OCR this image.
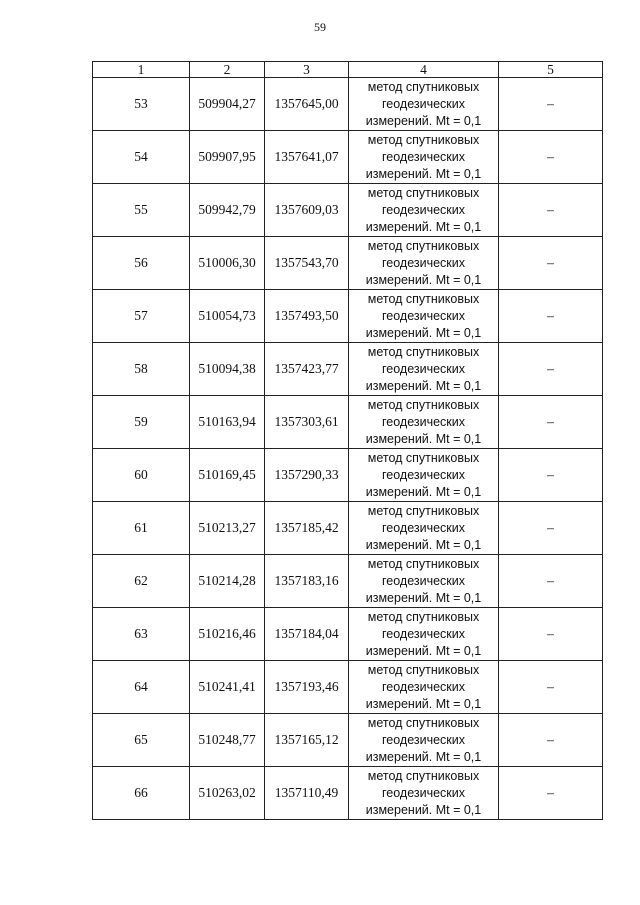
59
1	2	3	4	5
53	509904,27	1357645,00	метод спутниковых
геодезических
измерений. Mt = 0,1	–
54	509907,95	1357641,07	метод спутниковых
геодезических
измерений. Mt = 0,1	–
55	509942,79	1357609,03	метод спутниковых
геодезических
измерений. Mt = 0,1	–
56	510006,30	1357543,70	метод спутниковых
геодезических
измерений. Mt = 0,1	–
57	510054,73	1357493,50	метод спутниковых
геодезических
измерений. Mt = 0,1	–
58	510094,38	1357423,77	метод спутниковых
геодезических
измерений. Mt = 0,1	–
59	510163,94	1357303,61	метод спутниковых
геодезических
измерений. Mt = 0,1	–
60	510169,45	1357290,33	метод спутниковых
геодезических
измерений. Mt = 0,1	–
61	510213,27	1357185,42	метод спутниковых
геодезических
измерений. Mt = 0,1	–
62	510214,28	1357183,16	метод спутниковых
геодезических
измерений. Mt = 0,1	–
63	510216,46	1357184,04	метод спутниковых
геодезических
измерений. Mt = 0,1	–
64	510241,41	1357193,46	метод спутниковых
геодезических
измерений. Mt = 0,1	–
65	510248,77	1357165,12	метод спутниковых
геодезических
измерений. Mt = 0,1	–
66	510263,02	1357110,49	метод спутниковых
геодезических
измерений. Mt = 0,1	–
